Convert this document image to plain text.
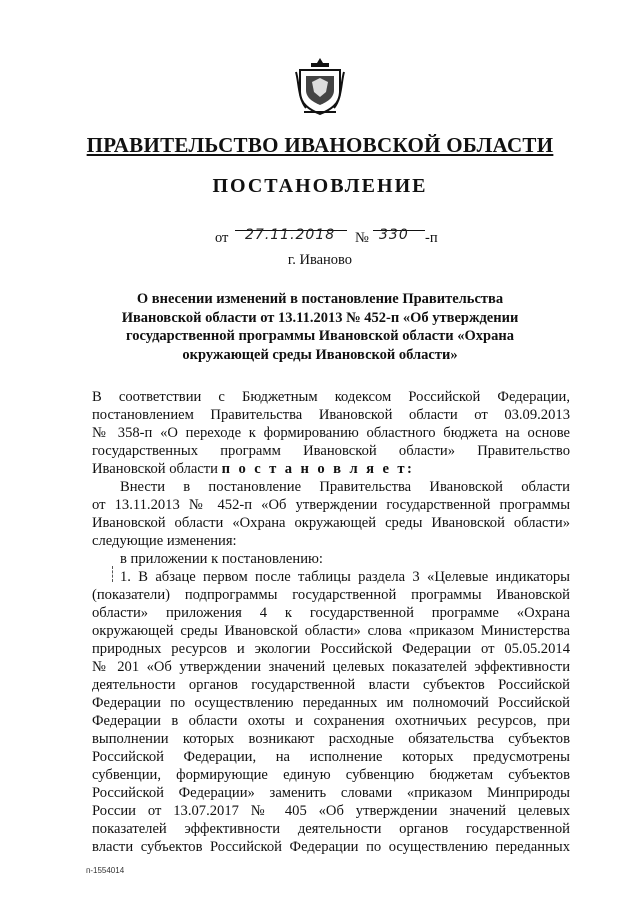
ПРАВИТЕЛЬСТВО ИВАНОВСКОЙ ОБЛАСТИ
ПОСТАНОВЛЕНИЕ
от 27.11.2018 № 330 -п
г. Иваново
О внесении изменений в постановление Правительства Ивановской области от 13.11.2013 № 452-п «Об утверждении государственной программы Ивановской области «Охрана окружающей среды Ивановской области»
В соответствии с Бюджетным кодексом Российской Федерации,
постановлением Правительства Ивановской области от 03.09.2013
№ 358-п «О переходе к формированию областного бюджета на основе
государственных программ Ивановской области» Правительство
Ивановской области п о с т а н о в л я е т:
Внести в постановление Правительства Ивановской области
от 13.11.2013 № 452-п «Об утверждении государственной программы
Ивановской области «Охрана окружающей среды Ивановской области»
следующие изменения:
в приложении к постановлению:
1. В абзаце первом после таблицы раздела 3 «Целевые индикаторы
(показатели) подпрограммы государственной программы Ивановской
области» приложения 4 к государственной программе «Охрана
окружающей среды Ивановской области» слова «приказом Министерства
природных ресурсов и экологии Российской Федерации от 05.05.2014
№ 201 «Об утверждении значений целевых показателей эффективности
деятельности органов государственной власти субъектов Российской
Федерации по осуществлению переданных им полномочий Российской
Федерации в области охоты и сохранения охотничьих ресурсов, при
выполнении которых возникают расходные обязательства субъектов
Российской Федерации, на исполнение которых предусмотрены
субвенции, формирующие единую субвенцию бюджетам субъектов
Российской Федерации» заменить словами «приказом Минприроды
России от 13.07.2017 № 405 «Об утверждении значений целевых
показателей эффективности деятельности органов государственной
власти субъектов Российской Федерации по осуществлению переданных
п-1554014
